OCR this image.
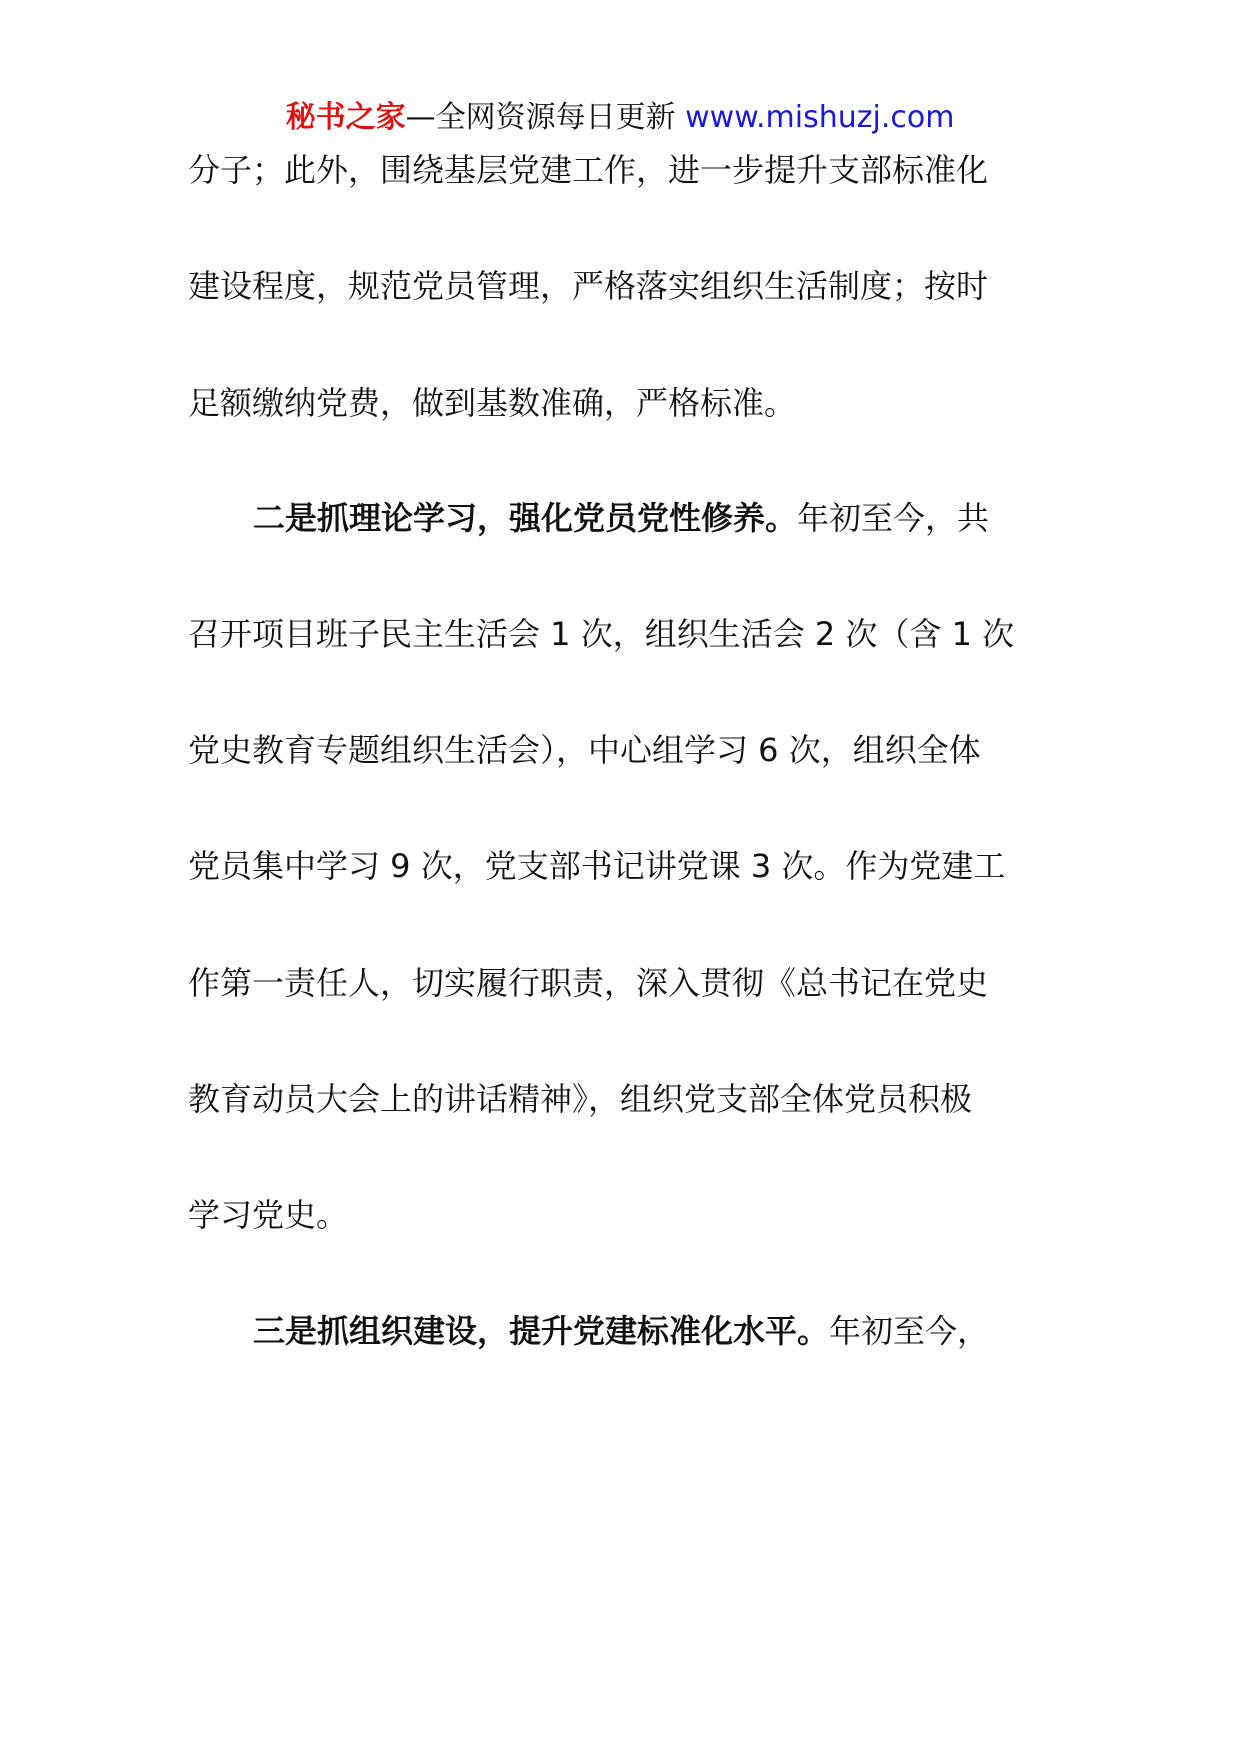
秘书之家—全网资源每日更新 www.mishuzj.com
分子；此外，围绕基层党建工作，进一步提升支部标准化
建设程度，规范党员管理，严格落实组织生活制度；按时
足额缴纳党费，做到基数准确，严格标准。
二是抓理论学习，强化党员党性修养。年初至今，共
召开项目班子民主生活会 1 次，组织生活会 2 次（含 1 次
党史教育专题组织生活会），中心组学习 6 次，组织全体
党员集中学习 9 次，党支部书记讲党课 3 次。作为党建工
作第一责任人，切实履行职责，深入贯彻《总书记在党史
教育动员大会上的讲话精神》，组织党支部全体党员积极
学习党史。
三是抓组织建设，提升党建标准化水平。年初至今，
